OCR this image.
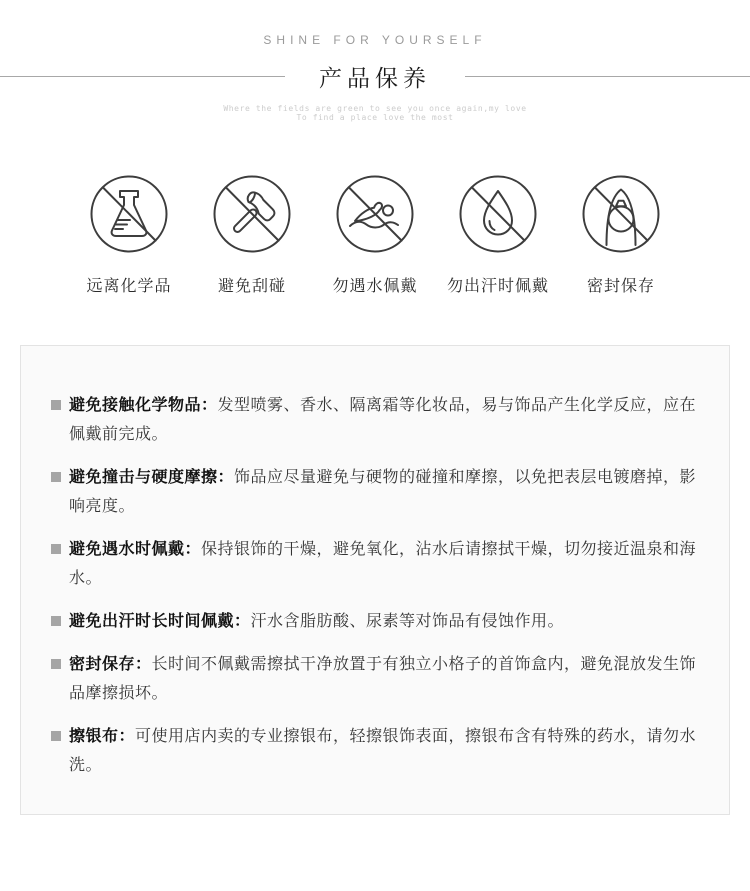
SHINE FOR YOURSELF
产品保养
Where the fields are green to see you once again,my love
To find a place love the most
远离化学品	避免刮碰	勿遇水佩戴 勿出汗时佩戴 密封保存
避免接触化学物品：发型喷雾、香水、隔离霜等化妆品，易与饰品产生化学反应，应在佩戴前完成。
避免撞击与硬度摩擦：饰品应尽量避免与硬物的碰撞和摩擦，以免把表层电镀磨掉，影响亮度。
避免遇水时佩戴：保持银饰的干燥，避免氧化，沾水后请擦拭干燥，切勿接近温泉和海水。
避免出汗时长时间佩戴：汗水含脂肪酸、尿素等对饰品有侵蚀作用。
密封保存：长时间不佩戴需擦拭干净放置于有独立小格子的首饰盒内，避免混放发生饰品摩擦损坏。
擦银布：可使用店内卖的专业擦银布，轻擦银饰表面，擦银布含有特殊的药水，请勿水洗。
